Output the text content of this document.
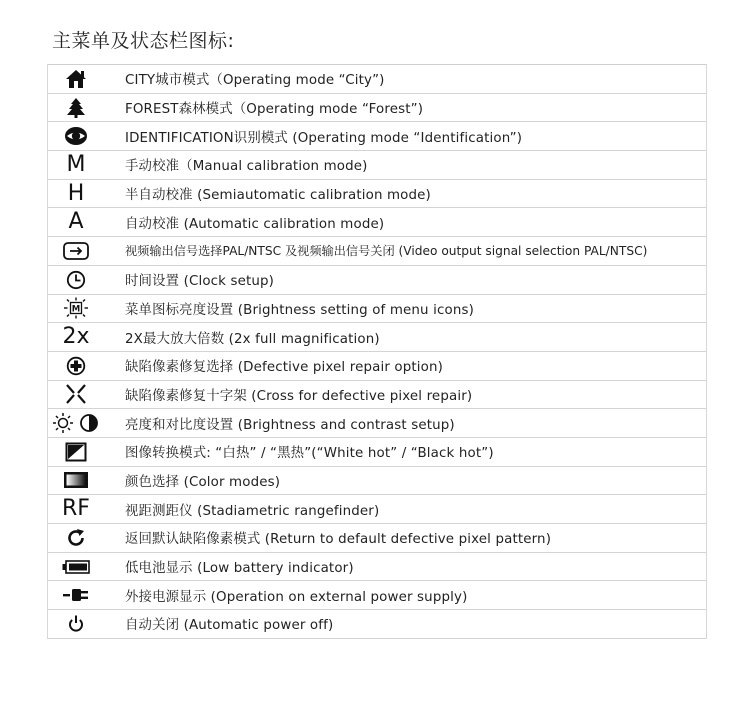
主菜单及状态栏图标:
CITY城市模式（Operating mode “City”)
FOREST森林模式（Operating mode “Forest”)
IDENTIFICATION识别模式 (Operating mode “Identification”)
M	手动校准（Manual calibration mode)
H	半自动校准 (Semiautomatic calibration mode)
A	自动校准 (Automatic calibration mode)
视频输出信号选择PAL/NTSC 及视频输出信号关闭 (Video output signal selection PAL/NTSC)
时间设置 (Clock setup)
M	菜单图标亮度设置 (Brightness setting of menu icons)
2x	2X最大放大倍数 (2x full magnification)
缺陷像素修复选择 (Defective pixel repair option)
缺陷像素修复十字架 (Cross for defective pixel repair)
亮度和对比度设置 (Brightness and contrast setup)
图像转换模式: “白热” / “黑热”(“White hot” / “Black hot”)
颜色选择 (Color modes)
RF	视距测距仪 (Stadiametric rangefinder)
返回默认缺陷像素模式 (Return to default defective pixel pattern)
低电池显示 (Low battery indicator)
外接电源显示 (Operation on external power supply)
自动关闭 (Automatic power off)
